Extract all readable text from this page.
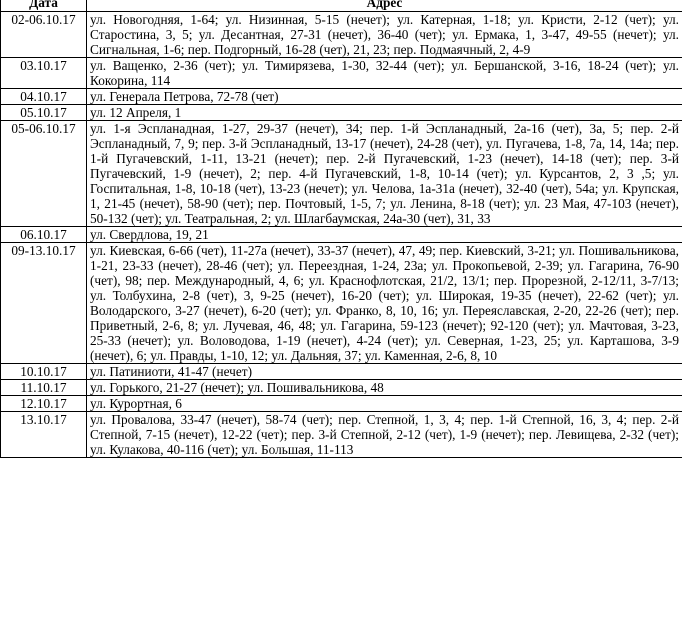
Дата	Адрес
02-06.10.17	ул. Новогодняя, 1-64; ул. Низинная, 5-15 (нечет); ул. Катерная, 1-18; ул. Кристи, 2-12 (чет); ул. Старостина, 3, 5; ул. Десантная, 27-31 (нечет), 36-40 (чет); ул. Ермака, 1, 3-47, 49-55 (нечет); ул. Сигнальная, 1-6; пер. Подгорный, 16-28 (чет), 21, 23; пер. Подмаячный, 2, 4-9
03.10.17	ул. Ващенко, 2-36 (чет); ул. Тимирязева, 1-30, 32-44 (чет); ул. Бершанской, 3-16, 18-24 (чет); ул. Кокорина, 114
04.10.17	ул. Генерала Петрова, 72-78 (чет)
05.10.17	ул. 12 Апреля, 1
05-06.10.17	ул. 1-я Эспланадная, 1-27, 29-37 (нечет), 34; пер. 1-й Эспланадный, 2а-16 (чет), 3а, 5; пер. 2-й Эспланадный, 7, 9; пер. 3-й Эспланадный, 13-17 (нечет), 24-28 (чет), ул. Пугачева, 1-8, 7а, 14, 14а; пер. 1-й Пугачевский, 1-11, 13-21 (нечет); пер. 2-й Пугачевский, 1-23 (нечет), 14-18 (чет); пер. 3-й Пугачевский, 1-9 (нечет), 2; пер. 4-й Пугачевский, 1-8, 10-14 (чет); ул. Курсантов, 2, 3 ,5; ул. Госпитальная, 1-8, 10-18 (чет), 13-23 (нечет); ул. Челова, 1а-31а (нечет), 32-40 (чет), 54а; ул. Крупская, 1, 21-45 (нечет), 58-90 (чет); пер. Почтовый, 1-5, 7; ул. Ленина, 8-18 (чет); ул. 23 Мая, 47-103 (нечет), 50-132 (чет); ул. Театральная, 2; ул. Шлагбаумская, 24а-30 (чет), 31, 33
06.10.17	ул. Свердлова, 19, 21
09-13.10.17	ул. Киевская, 6-66 (чет), 11-27а (нечет), 33-37 (нечет), 47, 49; пер. Киевский, 3-21; ул. Пошивальникова, 1-21, 23-33 (нечет), 28-46 (чет); ул. Переездная, 1-24, 23а; ул. Прокопьевой, 2-39; ул. Гагарина, 76-90 (чет), 98; пер. Международный, 4, 6; ул. Краснофлотская, 21/2, 13/1; пер. Прорезной, 2-12/11, 3-7/13; ул. Толбухина, 2-8 (чет), 3, 9-25 (нечет), 16-20 (чет); ул. Широкая, 19-35 (нечет), 22-62 (чет); ул. Володарского, 3-27 (нечет), 6-20 (чет); ул. Франко, 8, 10, 16; ул. Переяславская, 2-20, 22-26 (чет); пер. Приветный, 2-6, 8; ул. Лучевая, 46, 48; ул. Гагарина, 59-123 (нечет); 92-120 (чет); ул. Мачтовая, 3-23, 25-33 (нечет); ул. Воловодова, 1-19 (нечет), 4-24 (чет); ул. Северная, 1-23, 25; ул. Карташова, 3-9 (нечет), 6; ул. Правды, 1-10, 12; ул. Дальняя, 37; ул. Каменная, 2-6, 8, 10
10.10.17	ул. Патиниоти, 41-47 (нечет)
11.10.17	ул. Горького, 21-27 (нечет); ул. Пошивальникова, 48
12.10.17	ул. Курортная, 6
13.10.17	ул. Провалова, 33-47 (нечет), 58-74 (чет); пер. Степной, 1, 3, 4; пер. 1-й Степной, 16, 3, 4; пер. 2-й Степной, 7-15 (нечет), 12-22 (чет); пер. 3-й Степной, 2-12 (чет), 1-9 (нечет); пер. Левищева, 2-32 (чет); ул. Кулакова, 40-116 (чет); ул. Большая, 11-113
